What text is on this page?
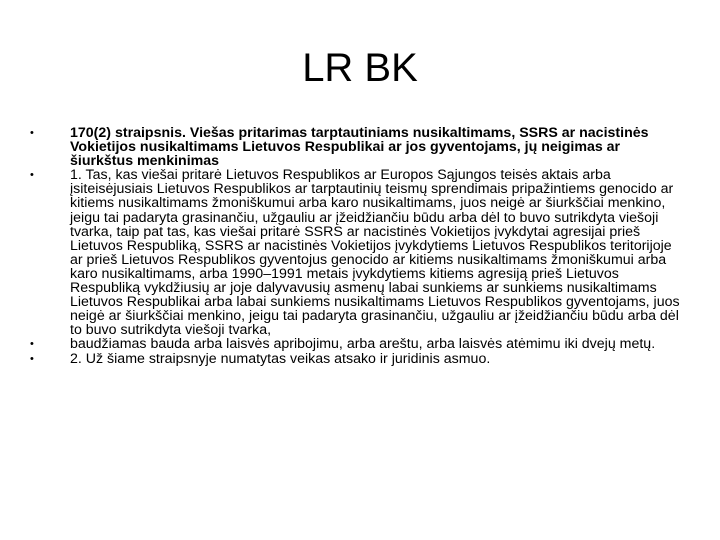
LR BK
•	170(2) straipsnis. Viešas pritarimas tarptautiniams nusikaltimams, SSRS ar nacistinės Vokietijos nusikaltimams Lietuvos Respublikai ar jos gyventojams, jų neigimas ar šiurkštus menkinimas
•	1. Tas, kas viešai pritarė Lietuvos Respublikos ar Europos Sąjungos teisės aktais arba įsiteisėjusiais Lietuvos Respublikos ar tarptautinių teismų sprendimais pripažintiems genocido ar kitiems nusikaltimams žmoniškumui arba karo nusikaltimams, juos neigė ar šiurkščiai menkino, jeigu tai padaryta grasinančiu, užgauliu ar įžeidžiančiu būdu arba dėl to buvo sutrikdyta viešoji tvarka, taip pat tas, kas viešai pritarė SSRS ar nacistinės Vokietijos įvykdytai agresijai prieš Lietuvos Respubliką, SSRS ar nacistinės Vokietijos įvykdytiems Lietuvos Respublikos teritorijoje ar prieš Lietuvos Respublikos gyventojus genocido ar kitiems nusikaltimams žmoniškumui arba karo nusikaltimams, arba 1990–1991 metais įvykdytiems kitiems agresiją prieš Lietuvos Respubliką vykdžiusių ar joje dalyvavusių asmenų labai sunkiems ar sunkiems nusikaltimams Lietuvos Respublikai arba labai sunkiems nusikaltimams Lietuvos Respublikos gyventojams, juos neigė ar šiurkščiai menkino, jeigu tai padaryta grasinančiu, užgauliu ar įžeidžiančiu būdu arba dėl to buvo sutrikdyta viešoji tvarka,
•	baudžiamas bauda arba laisvės apribojimu, arba areštu, arba laisvės atėmimu iki dvejų metų.
•	2. Už šiame straipsnyje numatytas veikas atsako ir juridinis asmuo.
